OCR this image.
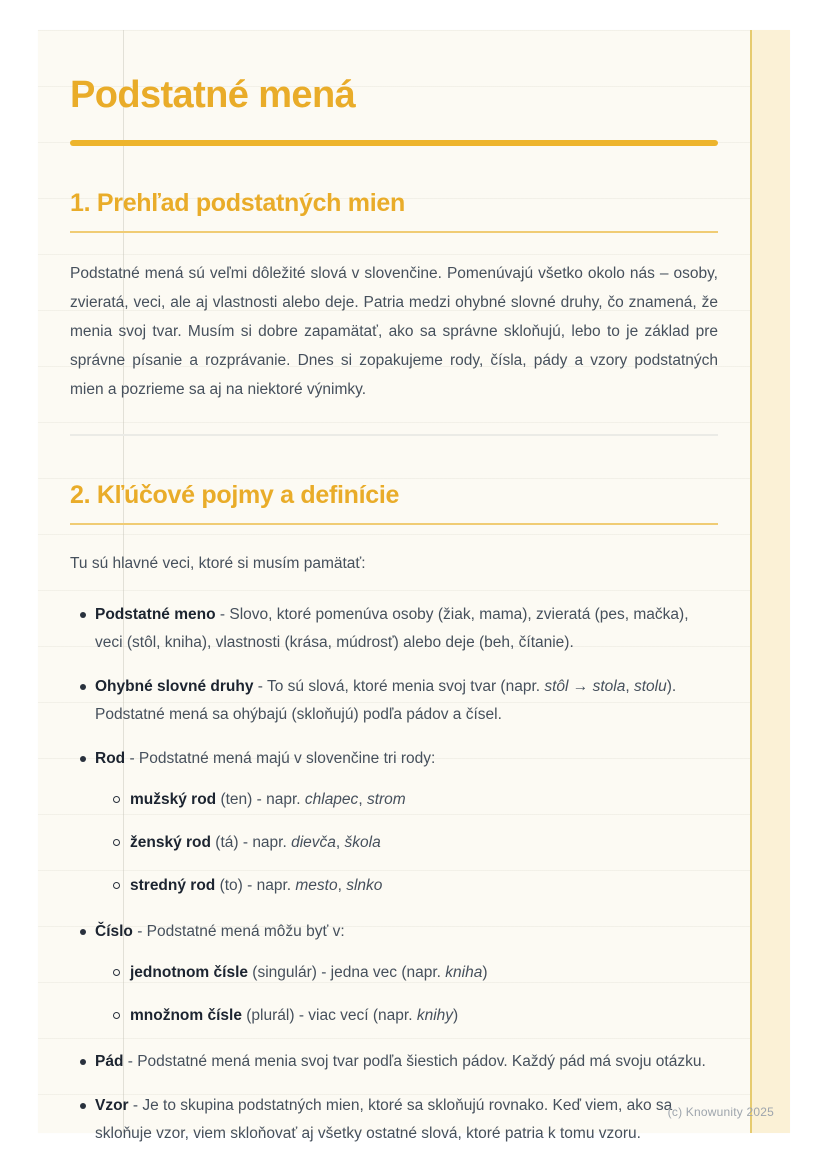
Podstatné mená
1. Prehľad podstatných mien

Podstatné mená sú veľmi dôležité slová v slovenčine. Pomenúvajú všetko okolo nás – osoby, zvieratá, veci, ale aj vlastnosti alebo deje. Patria medzi ohybné slovné druhy, čo znamená, že menia svoj tvar. Musím si dobre zapamätať, ako sa správne skloňujú, lebo to je základ pre správne písanie a rozprávanie. Dnes si zopakujeme rody, čísla, pády a vzory podstatných mien a pozrieme sa aj na niektoré výnimky.

2. Kľúčové pojmy a definície

Tu sú hlavné veci, ktoré si musím pamätať:

Podstatné meno - Slovo, ktoré pomenúva osoby (žiak, mama), zvieratá (pes, mačka), veci (stôl, kniha), vlastnosti (krása, múdrosť) alebo deje (beh, čítanie).
Ohybné slovné druhy - To sú slová, ktoré menia svoj tvar (napr. stôl → stola, stolu). Podstatné mená sa ohýbajú (skloňujú) podľa pádov a čísel.
Rod - Podstatné mená majú v slovenčine tri rody:
mužský rod (ten) - napr. chlapec, strom
ženský rod (tá) - napr. dievča, škola
stredný rod (to) - napr. mesto, slnko
Číslo - Podstatné mená môžu byť v:
jednotnom čísle (singulár) - jedna vec (napr. kniha)
množnom čísle (plurál) - viac vecí (napr. knihy)
Pád - Podstatné mená menia svoj tvar podľa šiestich pádov. Každý pád má svoju otázku.
Vzor - Je to skupina podstatných mien, ktoré sa skloňujú rovnako. Keď viem, ako sa skloňuje vzor, viem skloňovať aj všetky ostatné slová, ktoré patria k tomu vzoru.
(c) Knowunity 2025
